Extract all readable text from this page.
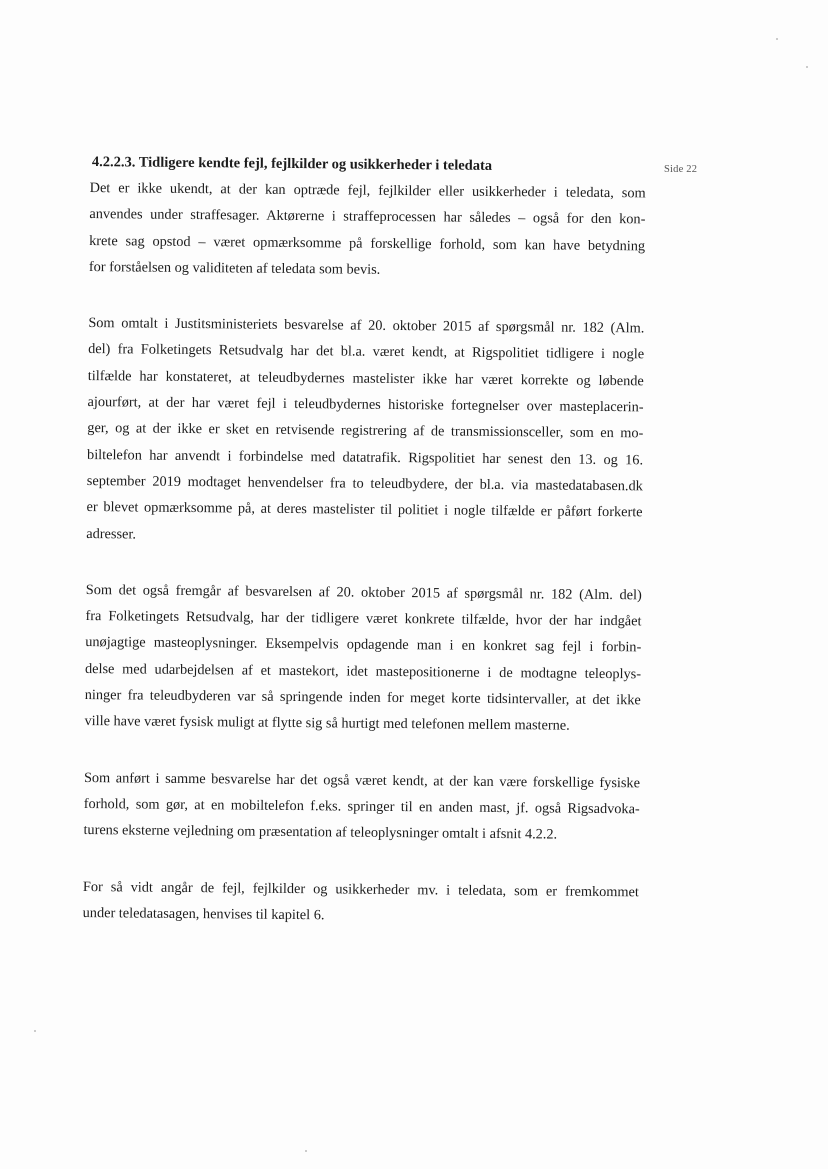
Side 22
4.2.2.3. Tidligere kendte fejl, fejlkilder og usikkerheder i teledata
Det er ikke ukendt, at der kan optræde fejl, fejlkilder eller usikkerheder i teledata, som
anvendes under straffesager. Aktørerne i straffeprocessen har således – også for den kon-
krete sag opstod – været opmærksomme på forskellige forhold, som kan have betydning
for forståelsen og validiteten af teledata som bevis.
Som omtalt i Justitsministeriets besvarelse af 20. oktober 2015 af spørgsmål nr. 182 (Alm.
del) fra Folketingets Retsudvalg har det bl.a. været kendt, at Rigspolitiet tidligere i nogle
tilfælde har konstateret, at teleudbydernes mastelister ikke har været korrekte og løbende
ajourført, at der har været fejl i teleudbydernes historiske fortegnelser over masteplacerin-
ger, og at der ikke er sket en retvisende registrering af de transmissionsceller, som en mo-
biltelefon har anvendt i forbindelse med datatrafik. Rigspolitiet har senest den 13. og 16.
september 2019 modtaget henvendelser fra to teleudbydere, der bl.a. via mastedatabasen.dk
er blevet opmærksomme på, at deres mastelister til politiet i nogle tilfælde er påført forkerte
adresser.
Som det også fremgår af besvarelsen af 20. oktober 2015 af spørgsmål nr. 182 (Alm. del)
fra Folketingets Retsudvalg, har der tidligere været konkrete tilfælde, hvor der har indgået
unøjagtige masteoplysninger. Eksempelvis opdagende man i en konkret sag fejl i forbin-
delse med udarbejdelsen af et mastekort, idet mastepositionerne i de modtagne teleoplys-
ninger fra teleudbyderen var så springende inden for meget korte tidsintervaller, at det ikke
ville have været fysisk muligt at flytte sig så hurtigt med telefonen mellem masterne.
Som anført i samme besvarelse har det også været kendt, at der kan være forskellige fysiske
forhold, som gør, at en mobiltelefon f.eks. springer til en anden mast, jf. også Rigsadvoka-
turens eksterne vejledning om præsentation af teleoplysninger omtalt i afsnit 4.2.2.
For så vidt angår de fejl, fejlkilder og usikkerheder mv. i teledata, som er fremkommet
under teledatasagen, henvises til kapitel 6.
